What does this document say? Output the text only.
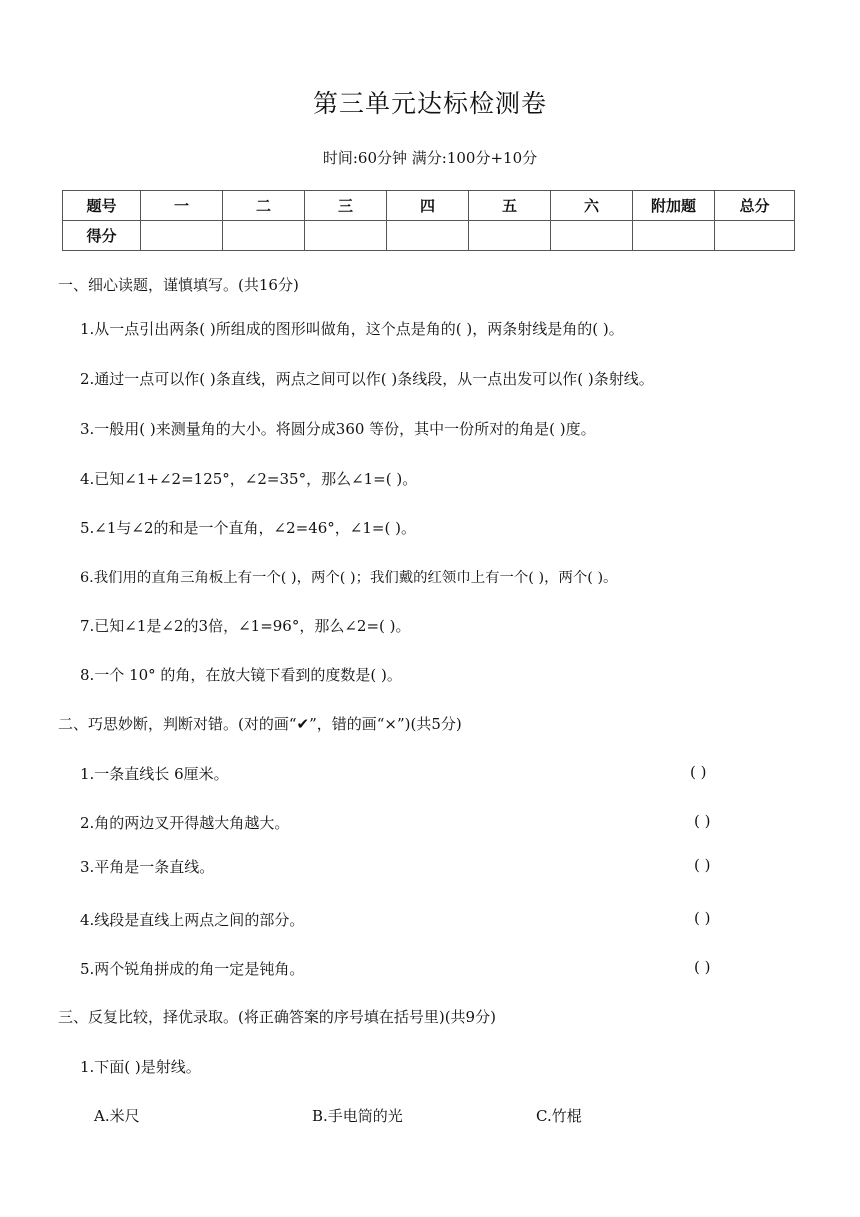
第三单元达标检测卷
时间:60分钟 满分:100分+10分
题号	一	二	三	四	五	六	附加题	总分
得分								
一、细心读题，谨慎填写。(共16分)
1.从一点引出两条( )所组成的图形叫做角，这个点是角的( )，两条射线是角的( )。
2.通过一点可以作( )条直线，两点之间可以作( )条线段，从一点出发可以作( )条射线。
3.一般用( )来测量角的大小。将圆分成360 等份，其中一份所对的角是( )度。
4.已知∠1+∠2=125°，∠2=35°，那么∠1=( )。
5.∠1与∠2的和是一个直角，∠2=46°，∠1=( )。
6.我们用的直角三角板上有一个( )，两个( )；我们戴的红领巾上有一个( )，两个( )。
7.已知∠1是∠2的3倍，∠1=96°，那么∠2=( )。
8.一个 10° 的角，在放大镜下看到的度数是( )。
二、巧思妙断，判断对错。(对的画“✔”，错的画“×”)(共5分)
1.一条直线长 6厘米。	( )
2.角的两边叉开得越大角越大。	( )
3.平角是一条直线。	( )
4.线段是直线上两点之间的部分。	( )
5.两个锐角拼成的角一定是钝角。	( )
三、反复比较，择优录取。(将正确答案的序号填在括号里)(共9分)
1.下面( )是射线。
A.米尺	B.手电筒的光	C.竹棍
